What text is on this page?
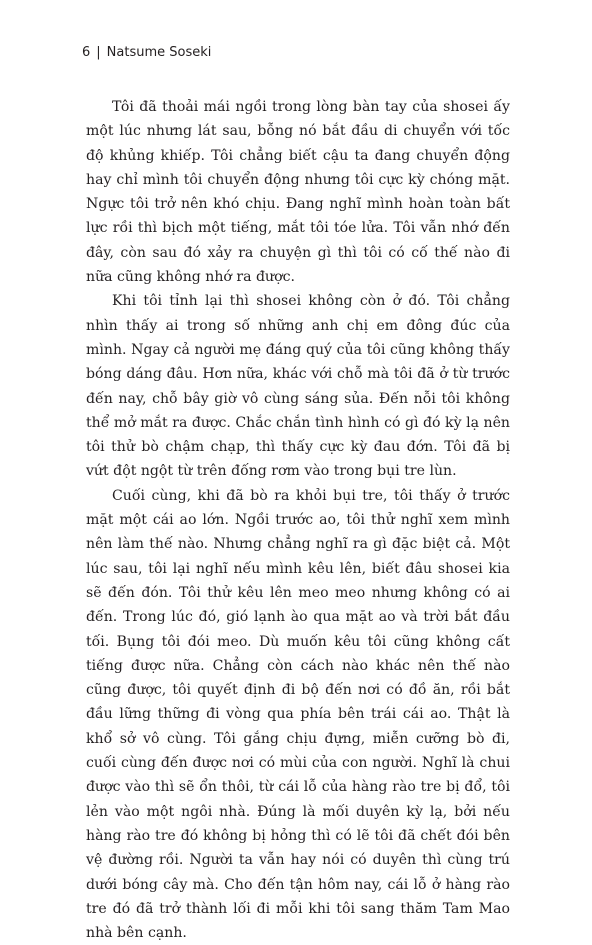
6 | Natsume Soseki

Tôi đã thoải mái ngồi trong lòng bàn tay của shosei ấy một lúc nhưng lát sau, bỗng nó bắt đầu di chuyển với tốc độ khủng khiếp. Tôi chẳng biết cậu ta đang chuyển động hay chỉ mình tôi chuyển động nhưng tôi cực kỳ chóng mặt. Ngực tôi trở nên khó chịu. Đang nghĩ mình hoàn toàn bất lực rồi thì bịch một tiếng, mắt tôi tóe lửa. Tôi vẫn nhớ đến đây, còn sau đó xảy ra chuyện gì thì tôi có cố thế nào đi nữa cũng không nhớ ra được.

Khi tôi tỉnh lại thì shosei không còn ở đó. Tôi chẳng nhìn thấy ai trong số những anh chị em đông đúc của mình. Ngay cả người mẹ đáng quý của tôi cũng không thấy bóng dáng đâu. Hơn nữa, khác với chỗ mà tôi đã ở từ trước đến nay, chỗ bây giờ vô cùng sáng sủa. Đến nỗi tôi không thể mở mắt ra được. Chắc chắn tình hình có gì đó kỳ lạ nên tôi thử bò chậm chạp, thì thấy cực kỳ đau đớn. Tôi đã bị vứt đột ngột từ trên đống rơm vào trong bụi tre lùn.

Cuối cùng, khi đã bò ra khỏi bụi tre, tôi thấy ở trước mặt một cái ao lớn. Ngồi trước ao, tôi thử nghĩ xem mình nên làm thế nào. Nhưng chẳng nghĩ ra gì đặc biệt cả. Một lúc sau, tôi lại nghĩ nếu mình kêu lên, biết đâu shosei kia sẽ đến đón. Tôi thử kêu lên meo meo nhưng không có ai đến. Trong lúc đó, gió lạnh ào qua mặt ao và trời bắt đầu tối. Bụng tôi đói meo. Dù muốn kêu tôi cũng không cất tiếng được nữa. Chẳng còn cách nào khác nên thế nào cũng được, tôi quyết định đi bộ đến nơi có đồ ăn, rồi bắt đầu lững thững đi vòng qua phía bên trái cái ao. Thật là khổ sở vô cùng. Tôi gắng chịu đựng, miễn cưỡng bò đi, cuối cùng đến được nơi có mùi của con người. Nghĩ là chui được vào thì sẽ ổn thôi, từ cái lỗ của hàng rào tre bị đổ, tôi lẻn vào một ngôi nhà. Đúng là mối duyên kỳ lạ, bởi nếu hàng rào tre đó không bị hỏng thì có lẽ tôi đã chết đói bên vệ đường rồi. Người ta vẫn hay nói có duyên thì cùng trú dưới bóng cây mà. Cho đến tận hôm nay, cái lỗ ở hàng rào tre đó đã trở thành lối đi mỗi khi tôi sang thăm Tam Mao nhà bên cạnh.
